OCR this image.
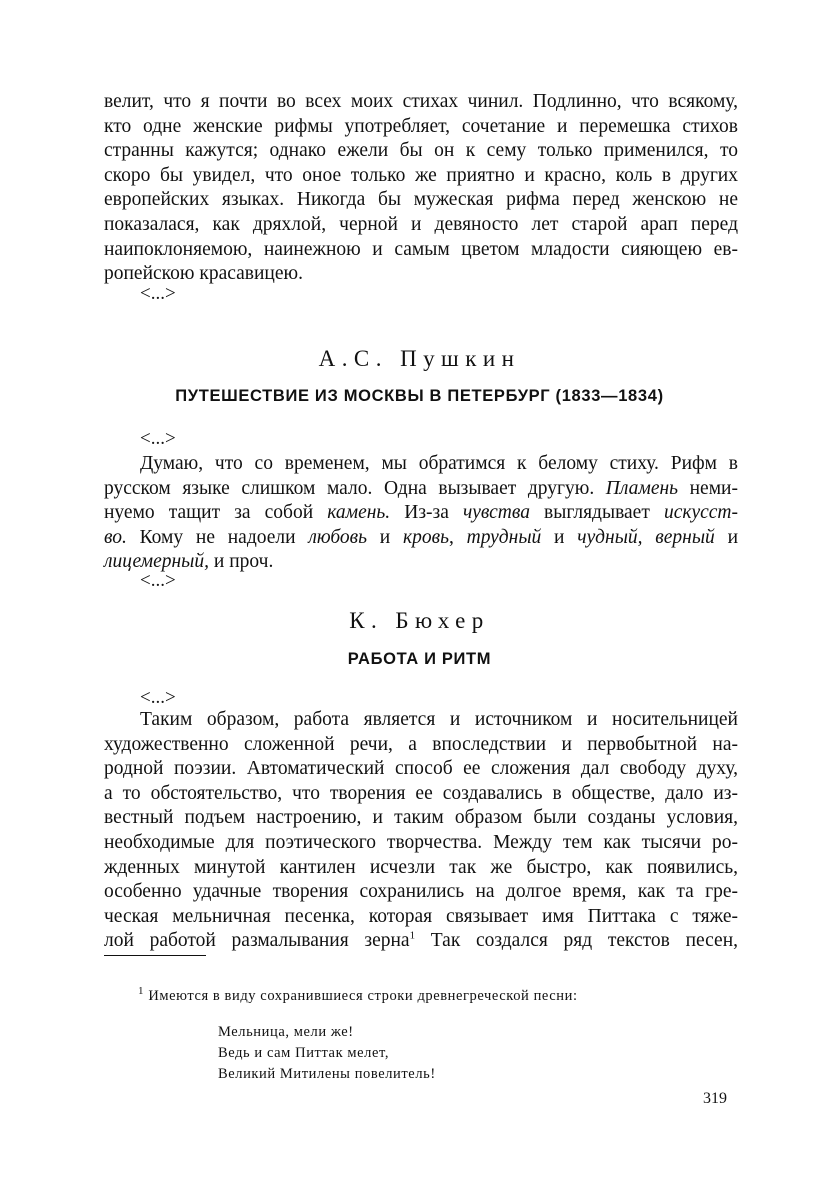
велит, что я почти во всех моих стихах чинил. Подлинно, что всякому,
кто одне женские рифмы употребляет, сочетание и перемешка стихов
странны кажутся; однако ежели бы он к сему только применился, то
скоро бы увидел, что оное только же приятно и красно, коль в других
европейских языках. Никогда бы мужеская рифма перед женскою не
показалася, как дряхлой, черной и девяносто лет старой арап перед
наипоклоняемою, наинежною и самым цветом младости сияющею ев-
ропейскою красавицею.
<...>
А.С. Пушкин
ПУТЕШЕСТВИЕ ИЗ МОСКВЫ В ПЕТЕРБУРГ (1833—1834)
<...>
Думаю, что со временем, мы обратимся к белому стиху. Рифм в
русском языке слишком мало. Одна вызывает другую. Пламень неми-
нуемо тащит за собой камень. Из-за чувства выглядывает искусст-
во. Кому не надоели любовь и кровь, трудный и чудный, верный и
лицемерный, и проч.
<...>
К. Бюхер
РАБОТА И РИТМ
<...>
Таким образом, работа является и источником и носительницей
художественно сложенной речи, а впоследствии и первобытной на-
родной поэзии. Автоматический способ ее сложения дал свободу духу,
а то обстоятельство, что творения ее создавались в обществе, дало из-
вестный подъем настроению, и таким образом были созданы условия,
необходимые для поэтического творчества. Между тем как тысячи ро-
жденных минутой кантилен исчезли так же быстро, как появились,
особенно удачные творения сохранились на долгое время, как та гре-
ческая мельничная песенка, которая связывает имя Питтака с тяже-
лой работой размалывания зерна$^1$ Так создался ряд текстов песен,
$^1$ Имеются в виду сохранившиеся строки древнегреческой песни:
Мельница, мели же!
Ведь и сам Питтак мелет,
Великий Митилены повелитель!
319
